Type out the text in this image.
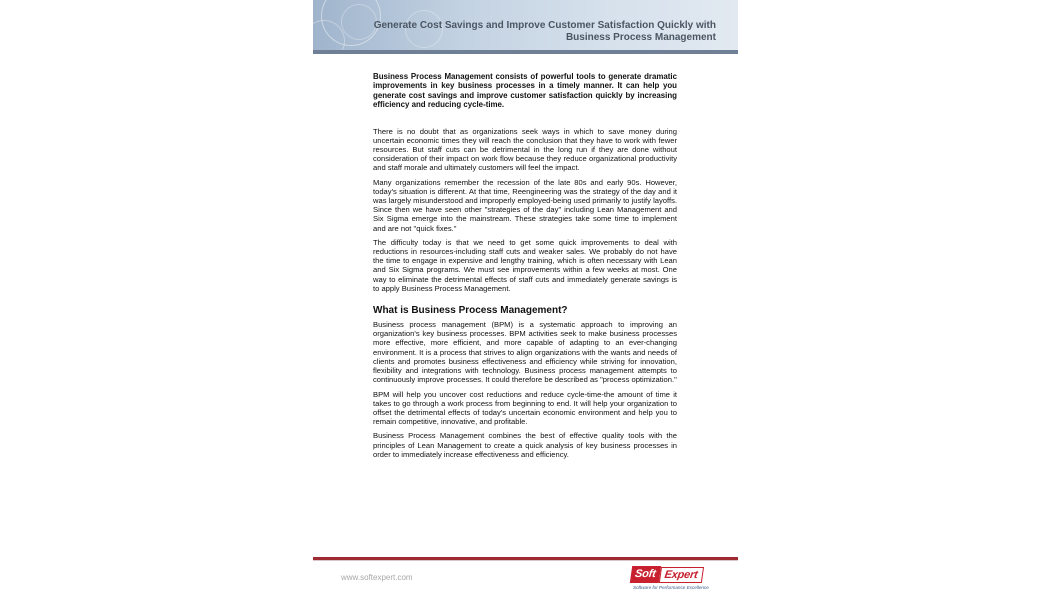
Generate Cost Savings and Improve Customer Satisfaction Quickly with Business Process Management

Business Process Management consists of powerful tools to generate dramatic improvements in key business processes in a timely manner. It can help you generate cost savings and improve customer satisfaction quickly by increasing efficiency and reducing cycle-time.

There is no doubt that as organizations seek ways in which to save money during uncertain economic times they will reach the conclusion that they have to work with fewer resources. But staff cuts can be detrimental in the long run if they are done without consideration of their impact on work flow because they reduce organizational productivity and staff morale and ultimately customers will feel the impact.

Many organizations remember the recession of the late 80s and early 90s. However, today's situation is different. At that time, Reengineering was the strategy of the day and it was largely misunderstood and improperly employed-being used primarily to justify layoffs. Since then we have seen other "strategies of the day" including Lean Management and Six Sigma emerge into the mainstream. These strategies take some time to implement and are not "quick fixes."

The difficulty today is that we need to get some quick improvements to deal with reductions in resources-including staff cuts and weaker sales. We probably do not have the time to engage in expensive and lengthy training, which is often necessary with Lean and Six Sigma programs. We must see improvements within a few weeks at most. One way to eliminate the detrimental effects of staff cuts and immediately generate savings is to apply Business Process Management.

What is Business Process Management?

Business process management (BPM) is a systematic approach to improving an organization's key business processes. BPM activities seek to make business processes more effective, more efficient, and more capable of adapting to an ever-changing environment. It is a process that strives to align organizations with the wants and needs of clients and promotes business effectiveness and efficiency while striving for innovation, flexibility and integrations with technology. Business process management attempts to continuously improve processes. It could therefore be described as "process optimization."

BPM will help you uncover cost reductions and reduce cycle-time-the amount of time it takes to go through a work process from beginning to end. It will help your organization to offset the detrimental effects of today's uncertain economic environment and help you to remain competitive, innovative, and profitable.

Business Process Management combines the best of effective quality tools with the principles of Lean Management to create a quick analysis of key business processes in order to immediately increase effectiveness and efficiency.

www.softexpert.com	Soft Expert
Software for Performance Excellence
